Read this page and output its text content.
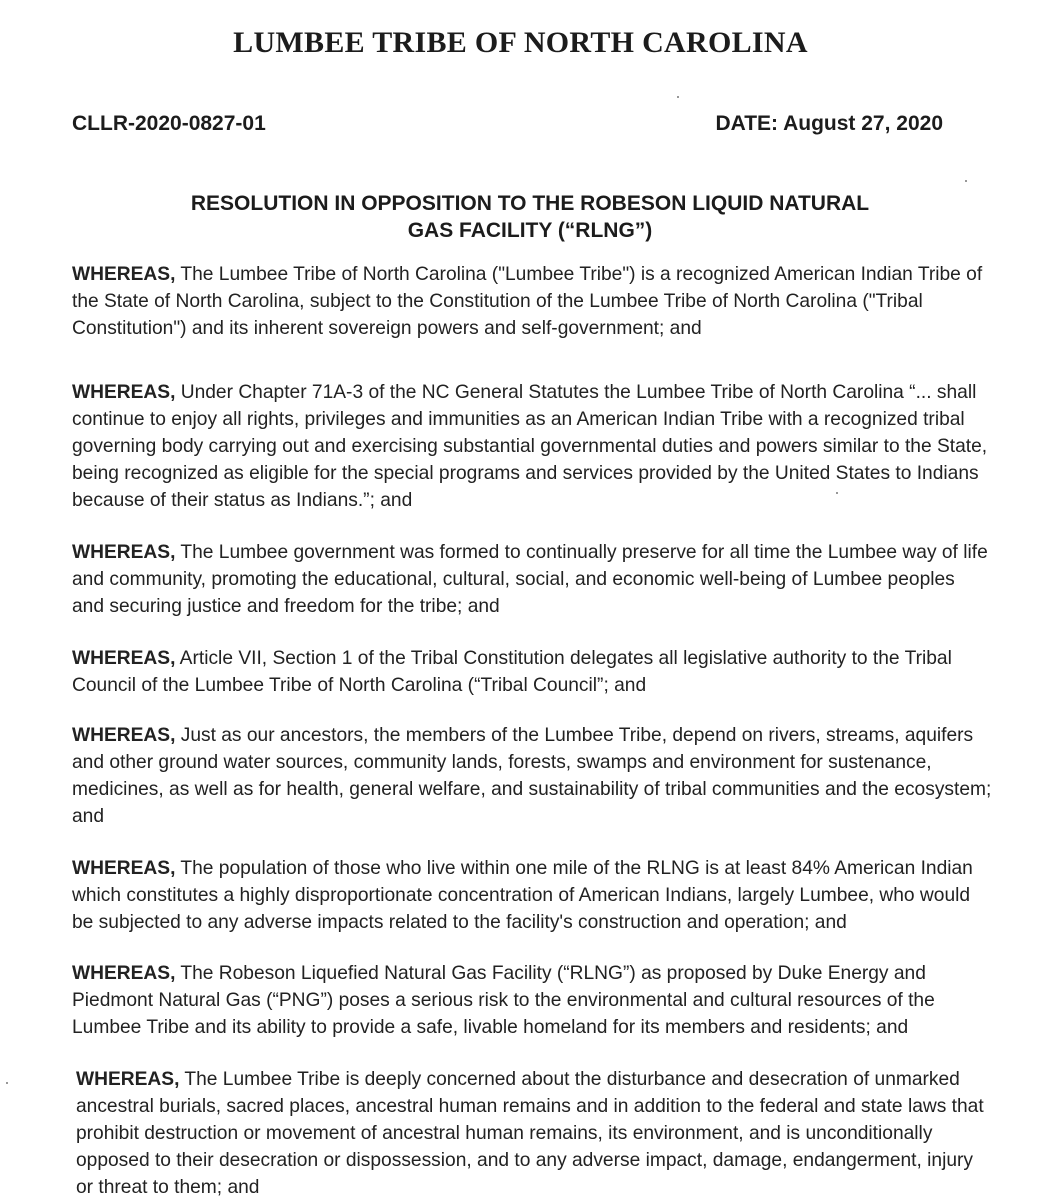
LUMBEE TRIBE OF NORTH CAROLINA
CLLR-2020-0827-01	DATE: August 27, 2020
RESOLUTION IN OPPOSITION TO THE ROBESON LIQUID NATURAL
GAS FACILITY (“RLNG”)

WHEREAS, The Lumbee Tribe of North Carolina ("Lumbee Tribe") is a recognized American Indian Tribe of the State of North Carolina, subject to the Constitution of the Lumbee Tribe of North Carolina ("Tribal Constitution") and its inherent sovereign powers and self-government; and

WHEREAS, Under Chapter 71A-3 of the NC General Statutes the Lumbee Tribe of North Carolina “... shall continue to enjoy all rights, privileges and immunities as an American Indian Tribe with a recognized tribal governing body carrying out and exercising substantial governmental duties and powers similar to the State, being recognized as eligible for the special programs and services provided by the United States to Indians because of their status as Indians.”; and

WHEREAS, The Lumbee government was formed to continually preserve for all time the Lumbee way of life and community, promoting the educational, cultural, social, and economic well-being of Lumbee peoples and securing justice and freedom for the tribe; and

WHEREAS, Article VII, Section 1 of the Tribal Constitution delegates all legislative authority to the Tribal Council of the Lumbee Tribe of North Carolina (“Tribal Council”; and

WHEREAS, Just as our ancestors, the members of the Lumbee Tribe, depend on rivers, streams, aquifers and other ground water sources, community lands, forests, swamps and environment for sustenance, medicines, as well as for health, general welfare, and sustainability of tribal communities and the ecosystem; and

WHEREAS, The population of those who live within one mile of the RLNG is at least 84% American Indian which constitutes a highly disproportionate concentration of American Indians, largely Lumbee, who would be subjected to any adverse impacts related to the facility's construction and operation; and

WHEREAS, The Robeson Liquefied Natural Gas Facility (“RLNG”) as proposed by Duke Energy and Piedmont Natural Gas (“PNG”) poses a serious risk to the environmental and cultural resources of the Lumbee Tribe and its ability to provide a safe, livable homeland for its members and residents; and

WHEREAS, The Lumbee Tribe is deeply concerned about the disturbance and desecration of unmarked ancestral burials, sacred places, ancestral human remains and in addition to the federal and state laws that prohibit destruction or movement of ancestral human remains, its environment, and is unconditionally opposed to their desecration or dispossession, and to any adverse impact, damage, endangerment, injury or threat to them; and
